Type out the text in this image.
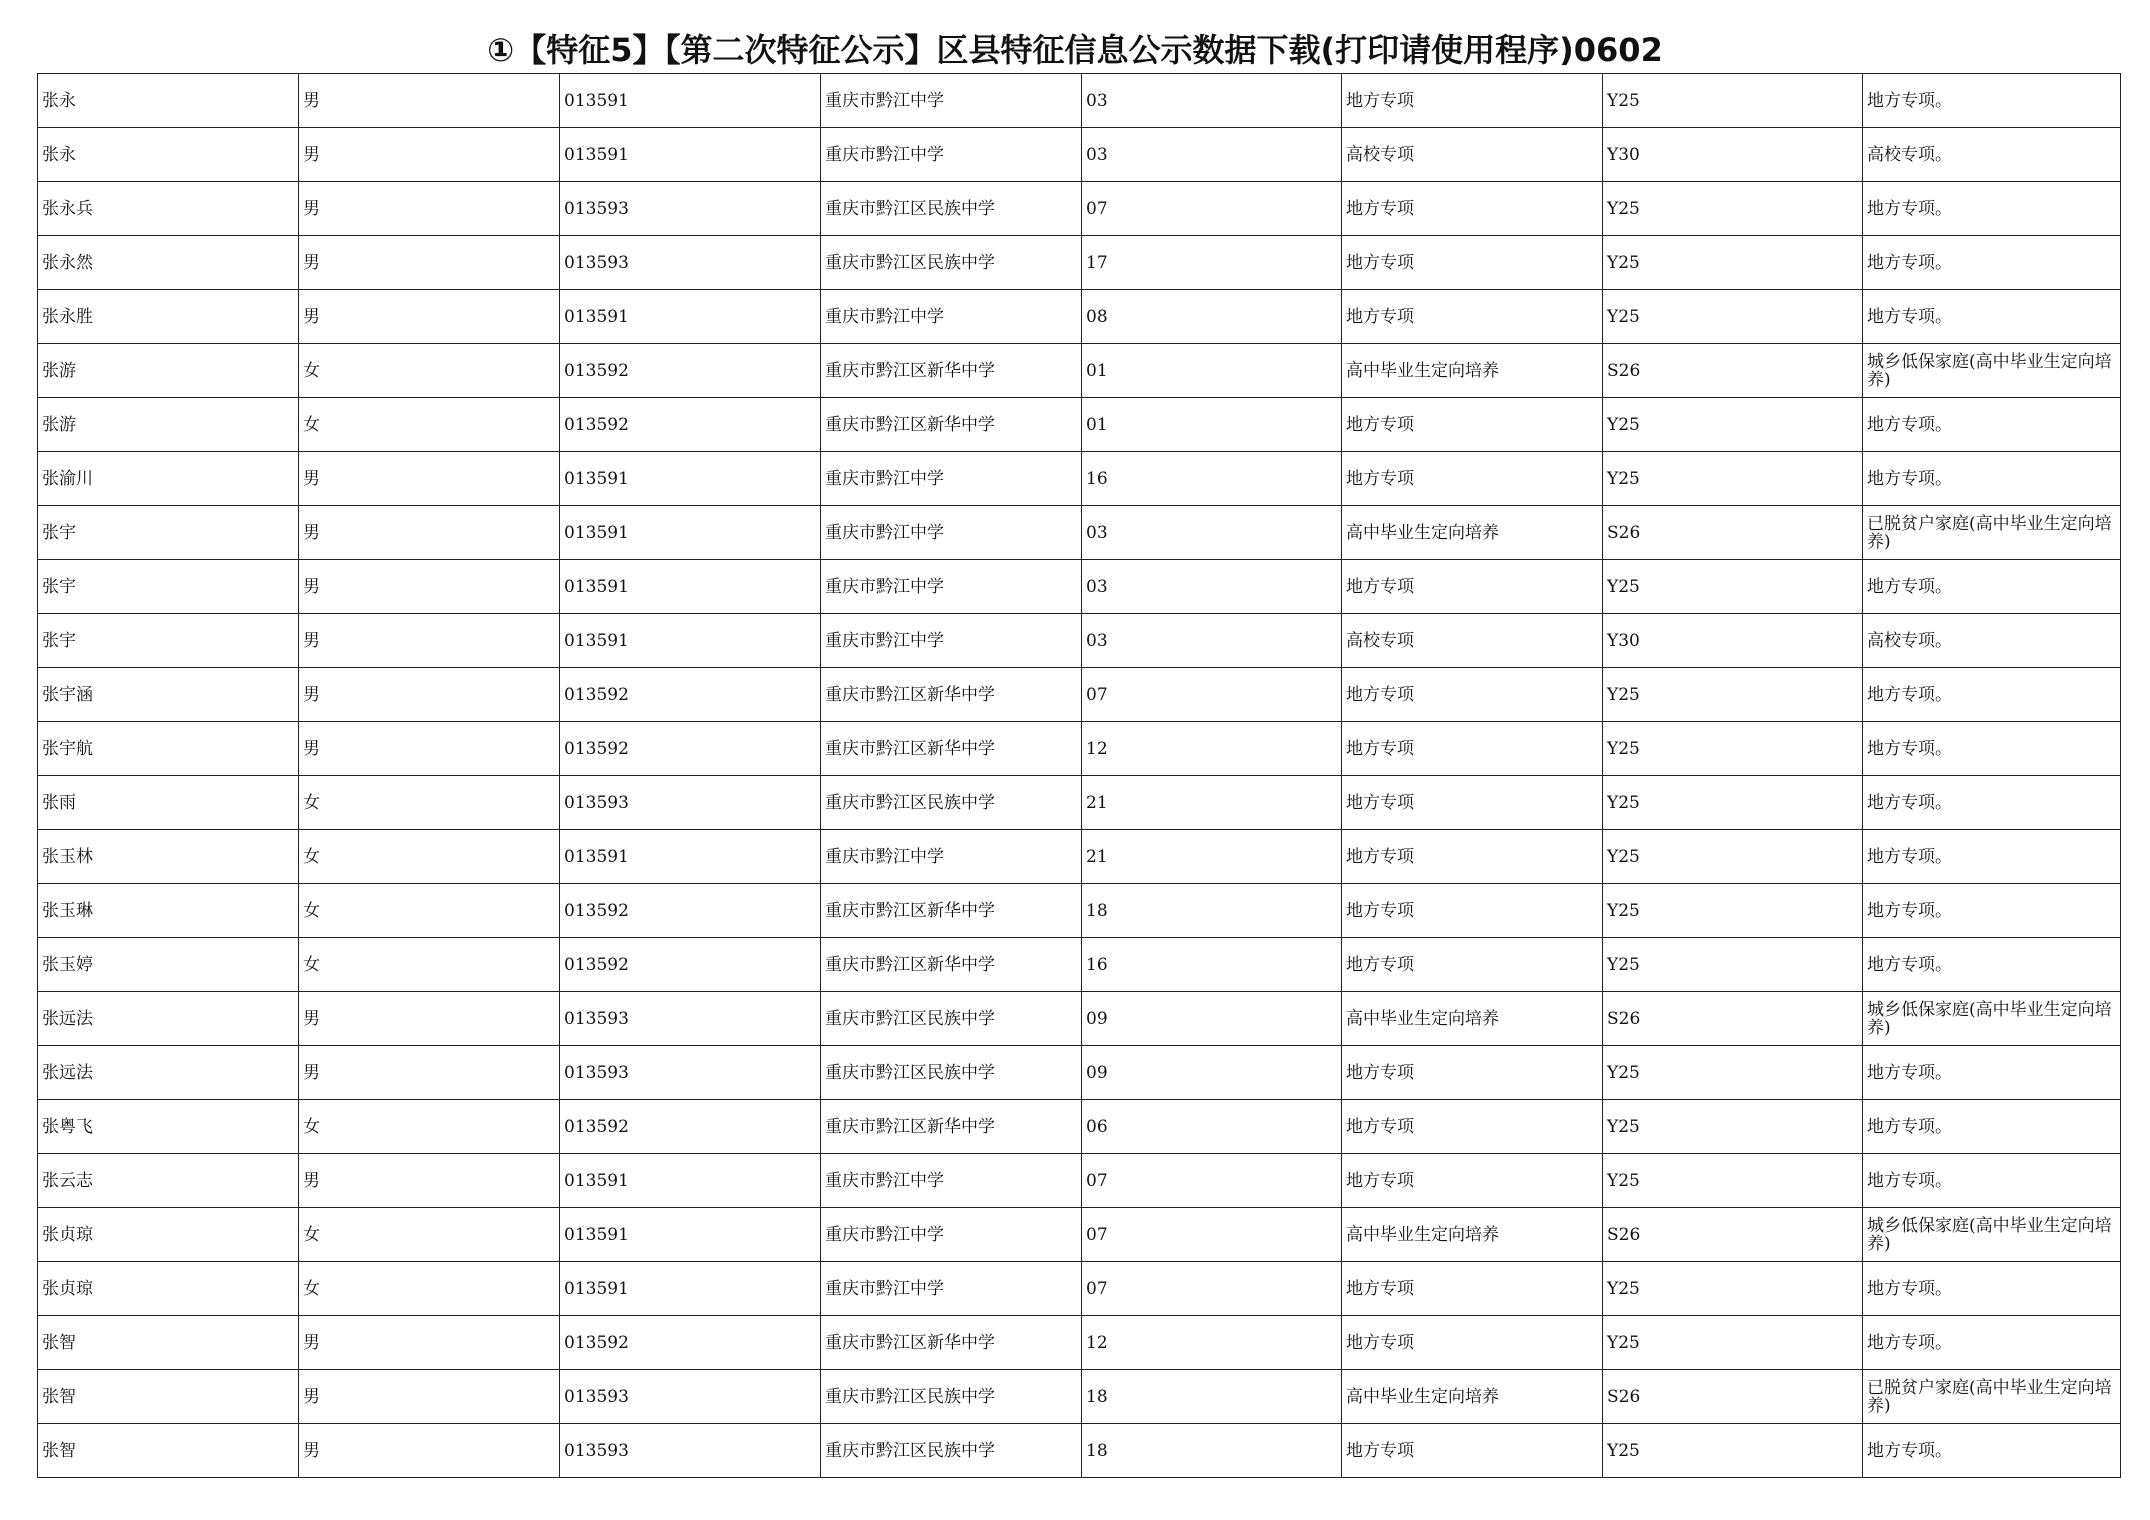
①【特征5】【第二次特征公示】区县特征信息公示数据下载(打印请使用程序)0602
张永	男	013591	重庆市黔江中学	03	地方专项	Y25	地方专项。
张永	男	013591	重庆市黔江中学	03	高校专项	Y30	高校专项。
张永兵	男	013593	重庆市黔江区民族中学	07	地方专项	Y25	地方专项。
张永然	男	013593	重庆市黔江区民族中学	17	地方专项	Y25	地方专项。
张永胜	男	013591	重庆市黔江中学	08	地方专项	Y25	地方专项。
张游	女	013592	重庆市黔江区新华中学	01	高中毕业生定向培养	S26	城乡低保家庭(高中毕业生定向培养)
张游	女	013592	重庆市黔江区新华中学	01	地方专项	Y25	地方专项。
张渝川	男	013591	重庆市黔江中学	16	地方专项	Y25	地方专项。
张宇	男	013591	重庆市黔江中学	03	高中毕业生定向培养	S26	已脱贫户家庭(高中毕业生定向培养)
张宇	男	013591	重庆市黔江中学	03	地方专项	Y25	地方专项。
张宇	男	013591	重庆市黔江中学	03	高校专项	Y30	高校专项。
张宇涵	男	013592	重庆市黔江区新华中学	07	地方专项	Y25	地方专项。
张宇航	男	013592	重庆市黔江区新华中学	12	地方专项	Y25	地方专项。
张雨	女	013593	重庆市黔江区民族中学	21	地方专项	Y25	地方专项。
张玉林	女	013591	重庆市黔江中学	21	地方专项	Y25	地方专项。
张玉琳	女	013592	重庆市黔江区新华中学	18	地方专项	Y25	地方专项。
张玉婷	女	013592	重庆市黔江区新华中学	16	地方专项	Y25	地方专项。
张远法	男	013593	重庆市黔江区民族中学	09	高中毕业生定向培养	S26	城乡低保家庭(高中毕业生定向培养)
张远法	男	013593	重庆市黔江区民族中学	09	地方专项	Y25	地方专项。
张粤飞	女	013592	重庆市黔江区新华中学	06	地方专项	Y25	地方专项。
张云志	男	013591	重庆市黔江中学	07	地方专项	Y25	地方专项。
张贞琼	女	013591	重庆市黔江中学	07	高中毕业生定向培养	S26	城乡低保家庭(高中毕业生定向培养)
张贞琼	女	013591	重庆市黔江中学	07	地方专项	Y25	地方专项。
张智	男	013592	重庆市黔江区新华中学	12	地方专项	Y25	地方专项。
张智	男	013593	重庆市黔江区民族中学	18	高中毕业生定向培养	S26	已脱贫户家庭(高中毕业生定向培养)
张智	男	013593	重庆市黔江区民族中学	18	地方专项	Y25	地方专项。
